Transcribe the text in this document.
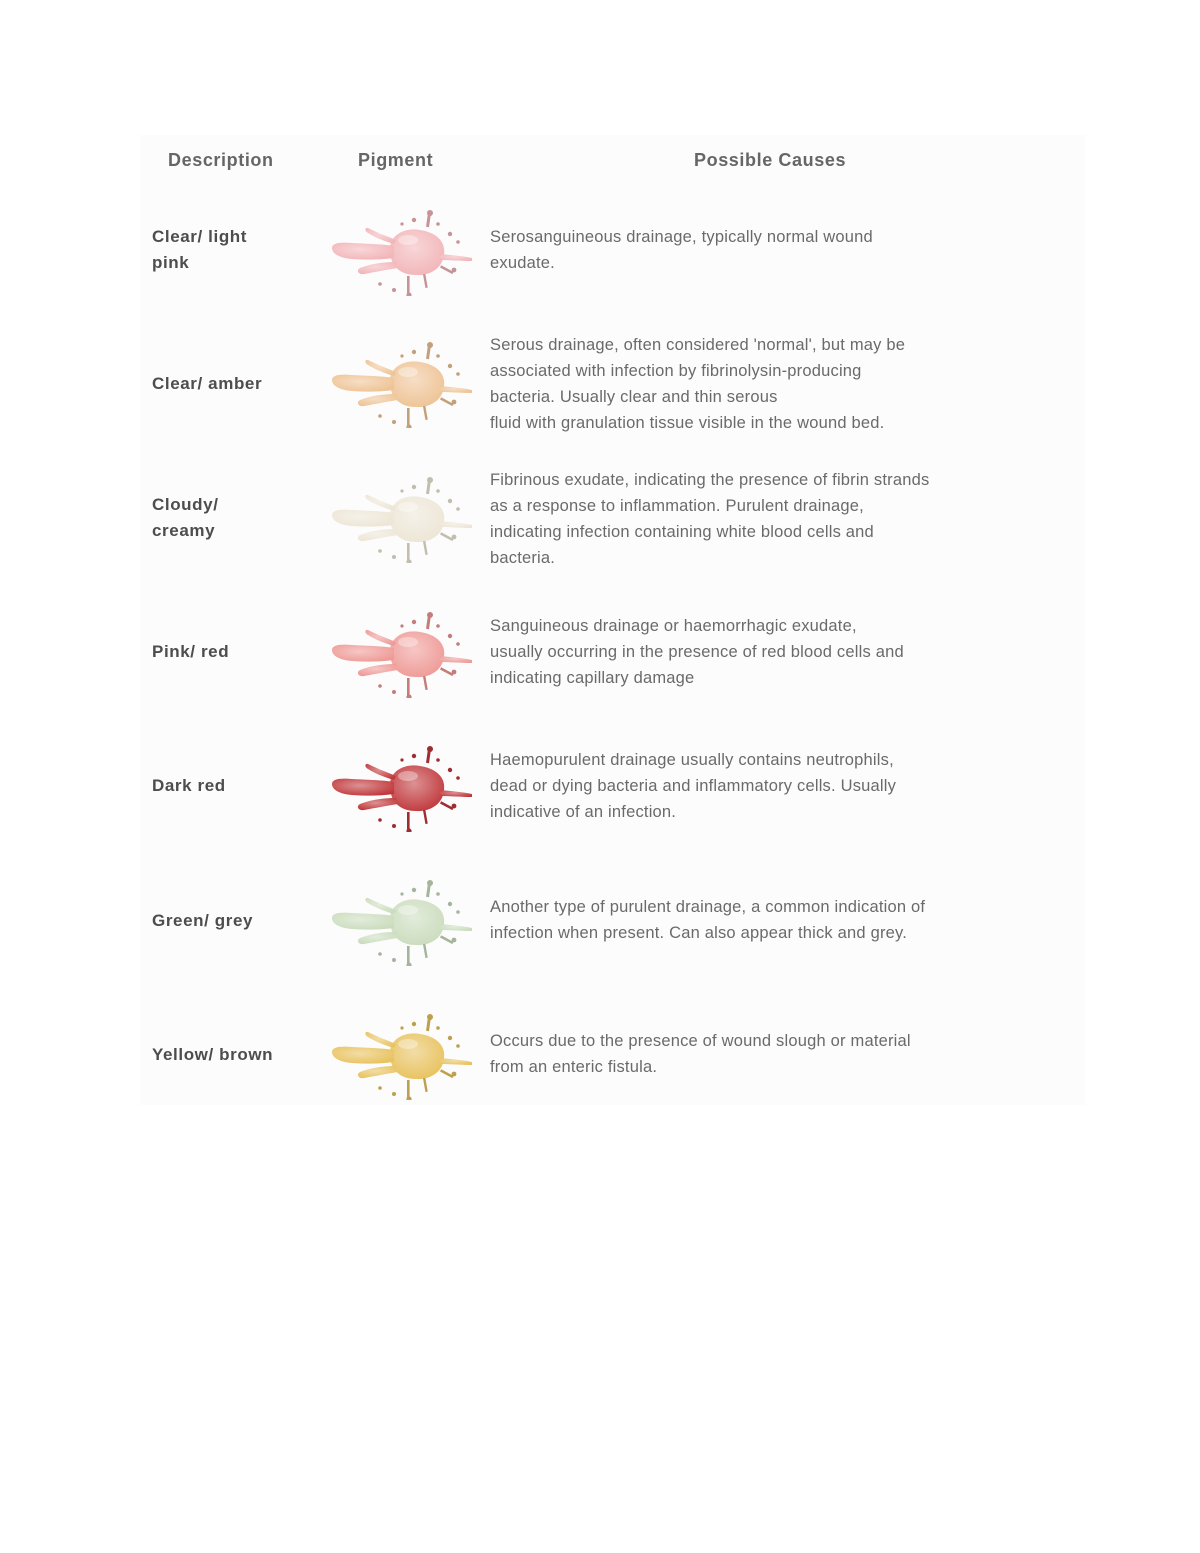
Description	Pigment	Possible Causes
Clear/ light
pink
Serosanguineous drainage, typically normal wound
exudate.
Clear/ amber
Serous drainage, often considered 'normal', but may be
associated with infection by fibrinolysin-producing
bacteria. Usually clear and thin serous
fluid with granulation tissue visible in the wound bed.
Cloudy/
creamy
Fibrinous exudate, indicating the presence of fibrin strands
as a response to inflammation. Purulent drainage,
indicating infection containing white blood cells and
bacteria.
Pink/ red
Sanguineous drainage or haemorrhagic exudate,
usually occurring in the presence of red blood cells and
indicating capillary damage
Dark red
Haemopurulent drainage usually contains neutrophils,
dead or dying bacteria and inflammatory cells. Usually
indicative of an infection.
Green/ grey
Another type of purulent drainage, a common indication of
infection when present. Can also appear thick and grey.
Yellow/ brown
Occurs due to the presence of wound slough or material
from an enteric fistula.
